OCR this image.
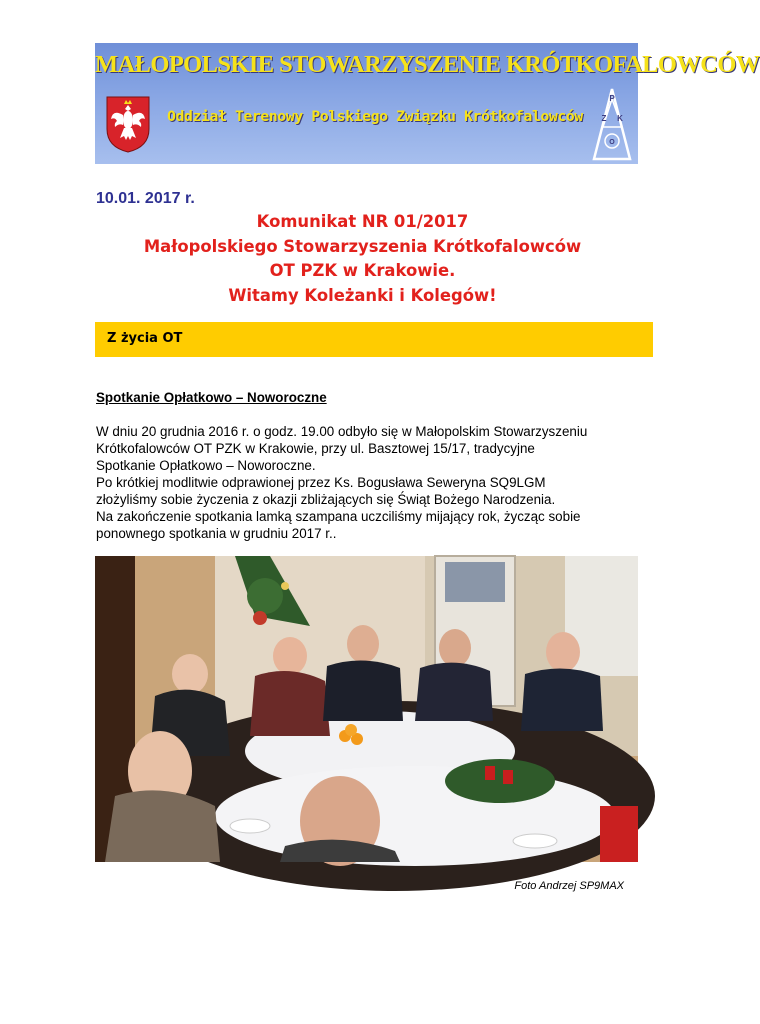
MAŁOPOLSKIE STOWARZYSZENIE KRÓTKOFALOWCÓW
Oddział Terenowy Polskiego Związku Krótkofalowców
P
Z K
O
10.01. 2017 r.
Komunikat NR 01/2017
Małopolskiego Stowarzyszenia Krótkofalowców
OT PZK w Krakowie.
Witamy Koleżanki i Kolegów!
Z życia OT
Spotkanie Opłatkowo – Noworoczne
W dniu 20 grudnia 2016 r. o godz. 19.00 odbyło się w Małopolskim Stowarzyszeniu
Krótkofalowców OT PZK w Krakowie, przy ul. Basztowej 15/17, tradycyjne
Spotkanie Opłatkowo – Noworoczne.
Po krótkiej modlitwie odprawionej przez Ks. Bogusława Seweryna SQ9LGM
złożyliśmy sobie życzenia z okazji zbliżających się Świąt Bożego Narodzenia.
Na zakończenie spotkania lamką szampana uczciliśmy mijający rok, życząc sobie
ponownego spotkania w grudniu 2017 r..
Foto Andrzej SP9MAX
